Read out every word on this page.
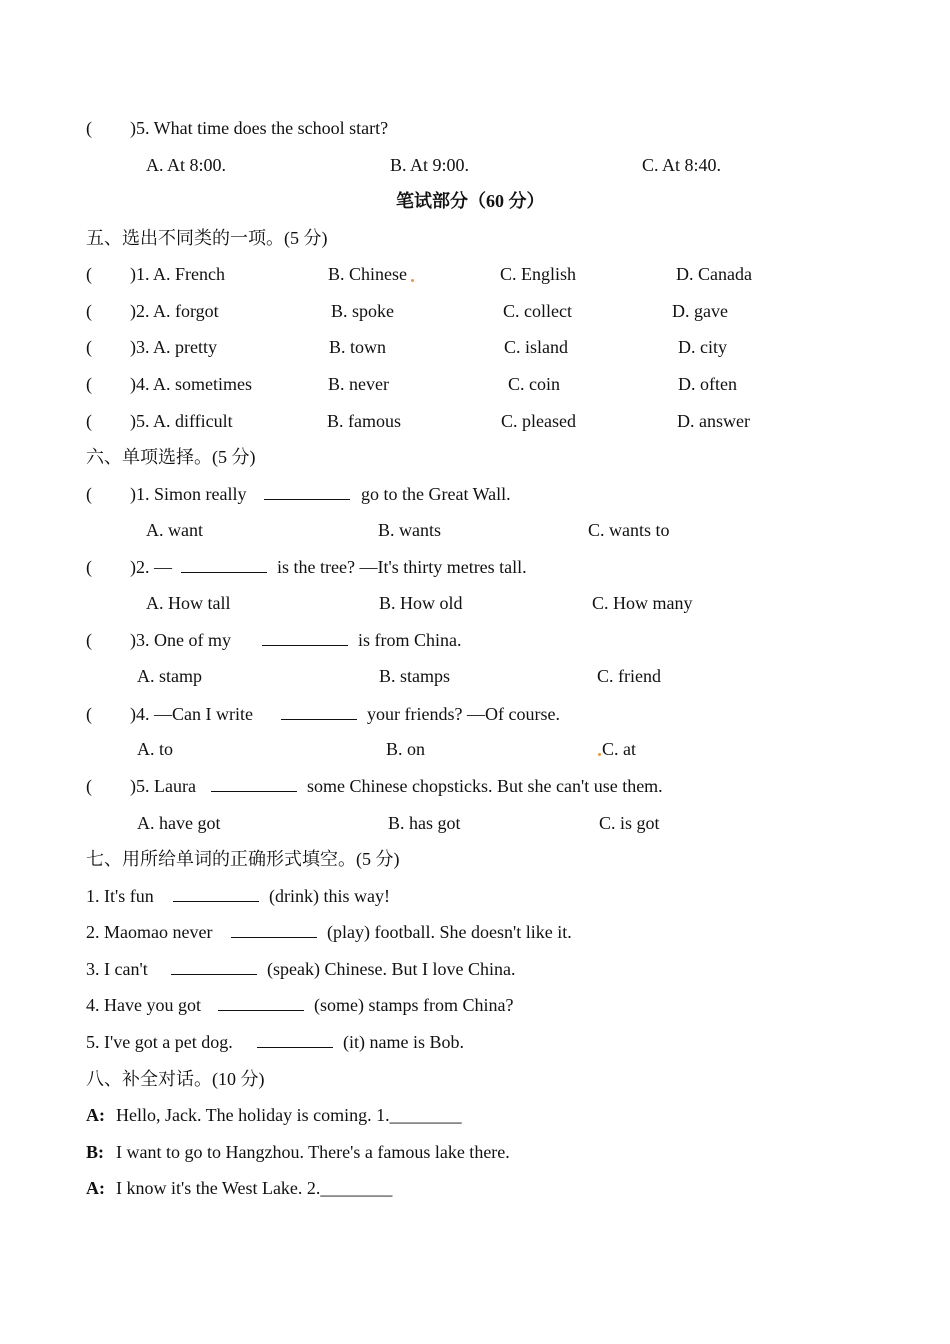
( )5. What time does the school start?
A. At 8:00.	B. At 9:00.	C. At 8:40.
笔试部分（60 分）
五、选出不同类的一项。(5 分)
( )1. A. French	B. Chinese	C. English	D. Canada
( )2. A. forgot	B. spoke	C. collect	D. gave
( )3. A. pretty	B. town	C. island	D. city
( )4. A. sometimes	B. never	C. coin	D. often
( )5. A. difficult	B. famous	C. pleased	D. answer
六、单项选择。(5 分)
( )1. Simon really	go to the Great Wall.
A. want	B. wants	C. wants to
( )2. —	is the tree? —It's thirty metres tall.
A. How tall	B. How old	C. How many
( )3. One of my	is from China.
A. stamp	B. stamps	C. friend
( )4. —Can I write	your friends? —Of course.
A. to	B. on	C. at
( )5. Laura	some Chinese chopsticks. But she can't use them.
A. have got	B. has got	C. is got
七、用所给单词的正确形式填空。(5 分)
1. It's fun	(drink) this way!
2. Maomao never	(play) football. She doesn't like it.
3. I can't	(speak) Chinese. But I love China.
4. Have you got	(some) stamps from China?
5. I've got a pet dog.	(it) name is Bob.
八、补全对话。(10 分)
A: Hello, Jack. The holiday is coming. 1.________
B: I want to go to Hangzhou. There's a famous lake there.
A: I know it's the West Lake. 2.________
